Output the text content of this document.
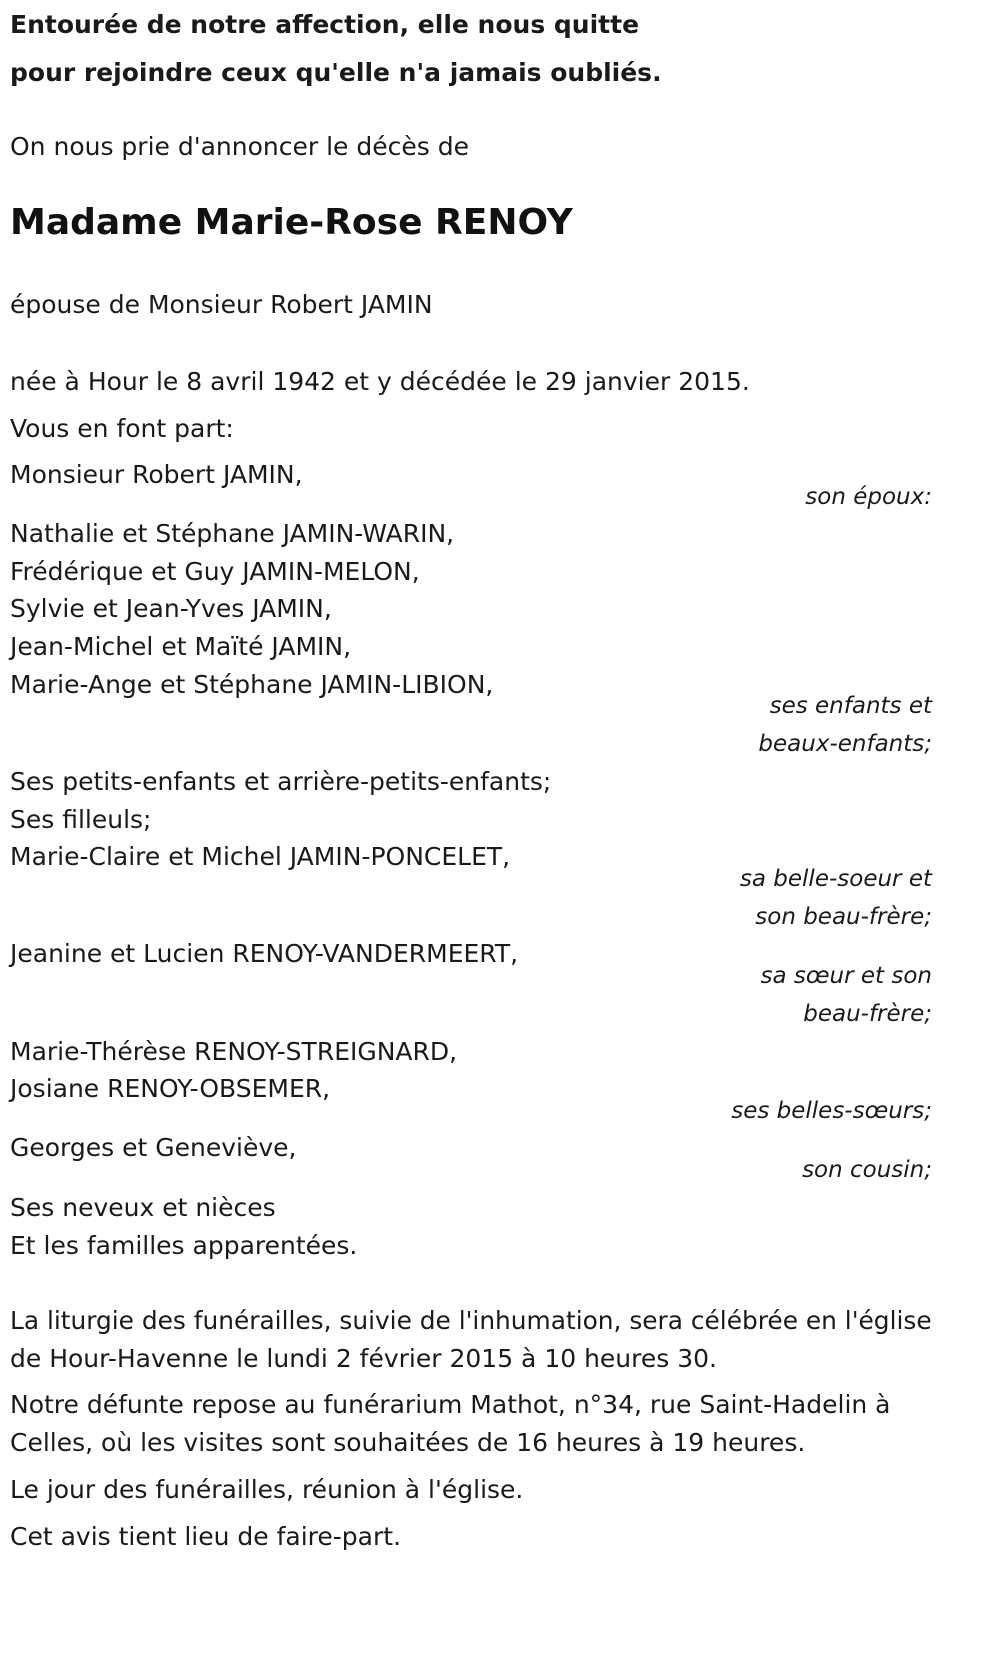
Entourée de notre affection, elle nous quitte
pour rejoindre ceux qu'elle n'a jamais oubliés.
On nous prie d'annoncer le décès de
Madame Marie-Rose RENOY
épouse de Monsieur Robert JAMIN
née à Hour le 8 avril 1942 et y décédée le 29 janvier 2015.
Vous en font part:
Monsieur Robert JAMIN,
son époux:
Nathalie et Stéphane JAMIN-WARIN,
Frédérique et Guy JAMIN-MELON,
Sylvie et Jean-Yves JAMIN,
Jean-Michel et Maïté JAMIN,
Marie-Ange et Stéphane JAMIN-LIBION,
ses enfants et
beaux-enfants;
Ses petits-enfants et arrière-petits-enfants;
Ses filleuls;
Marie-Claire et Michel JAMIN-PONCELET,
sa belle-soeur et
son beau-frère;
Jeanine et Lucien RENOY-VANDERMEERT,
sa sœur et son
beau-frère;
Marie-Thérèse RENOY-STREIGNARD,
Josiane RENOY-OBSEMER,
ses belles-sœurs;
Georges et Geneviève,
son cousin;
Ses neveux et nièces
Et les familles apparentées.
La liturgie des funérailles, suivie de l'inhumation, sera célébrée en l'église
de Hour-Havenne le lundi 2 février 2015 à 10 heures 30.
Notre défunte repose au funérarium Mathot, n°34, rue Saint-Hadelin à
Celles, où les visites sont souhaitées de 16 heures à 19 heures.
Le jour des funérailles, réunion à l'église.
Cet avis tient lieu de faire-part.
